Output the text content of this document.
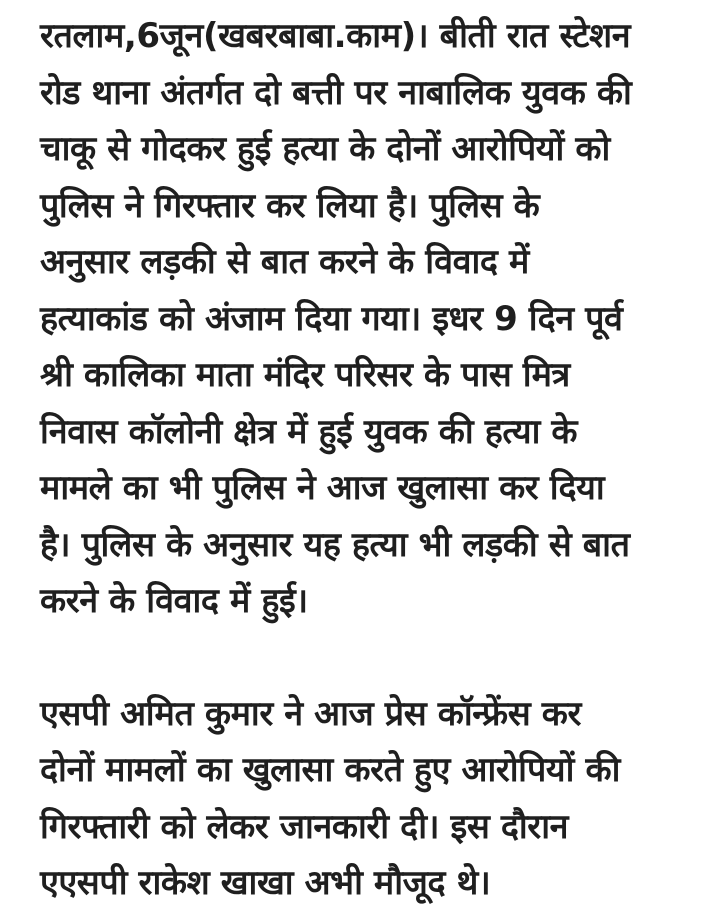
रतलाम,6जून(खबरबाबा.काम)। बीती रात स्टेशन
रोड थाना अंतर्गत दो बत्ती पर नाबालिक युवक की
चाकू से गोदकर हुई हत्या के दोनों आरोपियों को
पुलिस ने गिरफ्तार कर लिया है। पुलिस के
अनुसार लड़की से बात करने के विवाद में
हत्याकांड को अंजाम दिया गया। इधर 9 दिन पूर्व
श्री कालिका माता मंदिर परिसर के पास मित्र
निवास कॉलोनी क्षेत्र में हुई युवक की हत्या के
मामले का भी पुलिस ने आज खुलासा कर दिया
है। पुलिस के अनुसार यह हत्या भी लड़की से बात
करने के विवाद में हुई।

एसपी अमित कुमार ने आज प्रेस कॉन्फ्रेंस कर
दोनों मामलों का खुलासा करते हुए आरोपियों की
गिरफ्तारी को लेकर जानकारी दी। इस दौरान
एएसपी राकेश खाखा अभी मौजूद थे।
